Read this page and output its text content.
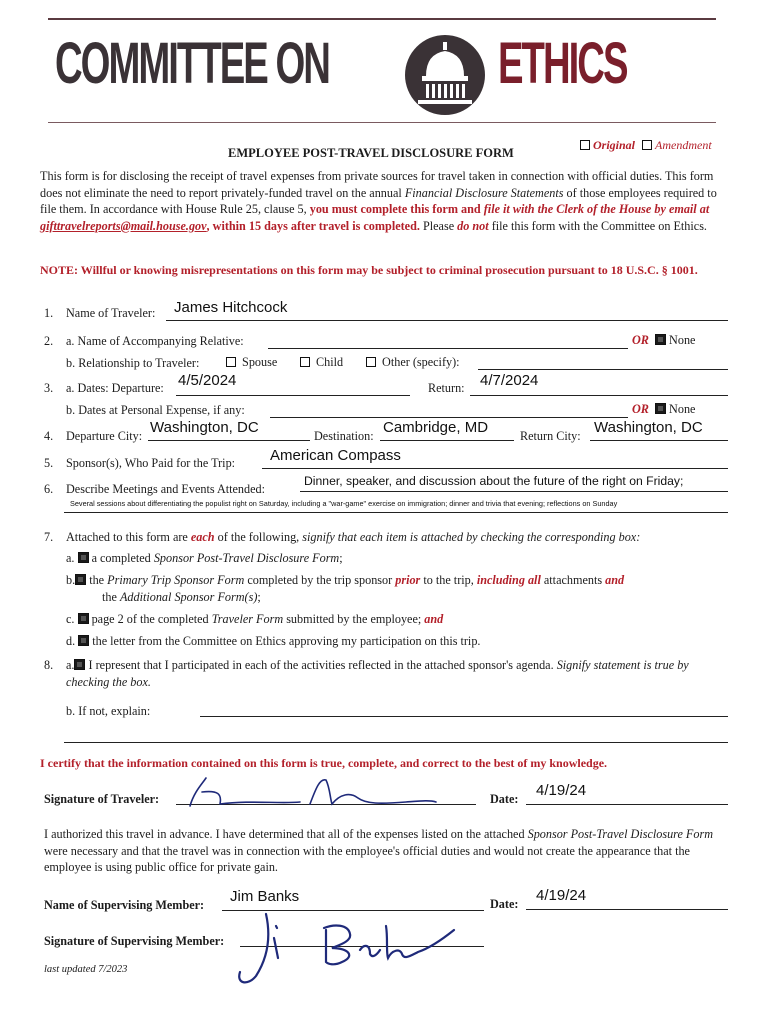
COMMITTEE ON	ETHICS
EMPLOYEE POST-TRAVEL DISCLOSURE FORM
Original Amendment
This form is for disclosing the receipt of travel expenses from private sources for travel taken in connection with official duties. This form does not eliminate the need to report privately-funded travel on the annual Financial Disclosure Statements of those employees required to file them. In accordance with House Rule 25, clause 5, you must complete this form and file it with the Clerk of the House by email at gifttravelreports@mail.house.gov, within 15 days after travel is completed. Please do not file this form with the Committee on Ethics.
NOTE: Willful or knowing misrepresentations on this form may be subject to criminal prosecution pursuant to 18 U.S.C. § 1001.
1. Name of Traveler: James Hitchcock
2. a. Name of Accompanying Relative:	OR	None
b. Relationship to Traveler:	Spouse	Child	Other (specify):
3. a. Dates: Departure: 4/5/2024	Return: 4/7/2024
b. Dates at Personal Expense, if any:	OR	None
4. Departure City: Washington, DC	Destination: Cambridge, MD	Return City: Washington, DC
5. Sponsor(s), Who Paid for the Trip: American Compass
6. Describe Meetings and Events Attended:
Dinner, speaker, and discussion about the future of the right on Friday;
Several sessions about differentiating the populist right on Saturday, including a "war-game" exercise on immigration; dinner and trivia that evening; reflections on Sunday
7. Attached to this form are each of the following, signify that each item is attached by checking the corresponding box:
a. a completed Sponsor Post-Travel Disclosure Form;
b. the Primary Trip Sponsor Form completed by the trip sponsor prior to the trip, including all attachments and
the Additional Sponsor Form(s);
c. page 2 of the completed Traveler Form submitted by the employee; and
d. the letter from the Committee on Ethics approving my participation on this trip.
8. a. I represent that I participated in each of the activities reflected in the attached sponsor's agenda. Signify statement is true by checking the box.
b. If not, explain:
I certify that the information contained on this form is true, complete, and correct to the best of my knowledge.
Signature of Traveler:	Date: 4/19/24
I authorized this travel in advance. I have determined that all of the expenses listed on the attached Sponsor Post-Travel Disclosure Form were necessary and that the travel was in connection with the employee's official duties and would not create the appearance that the employee is using public office for private gain.
Name of Supervising Member: Jim Banks	Date: 4/19/24
Signature of Supervising Member:
last updated 7/2023
